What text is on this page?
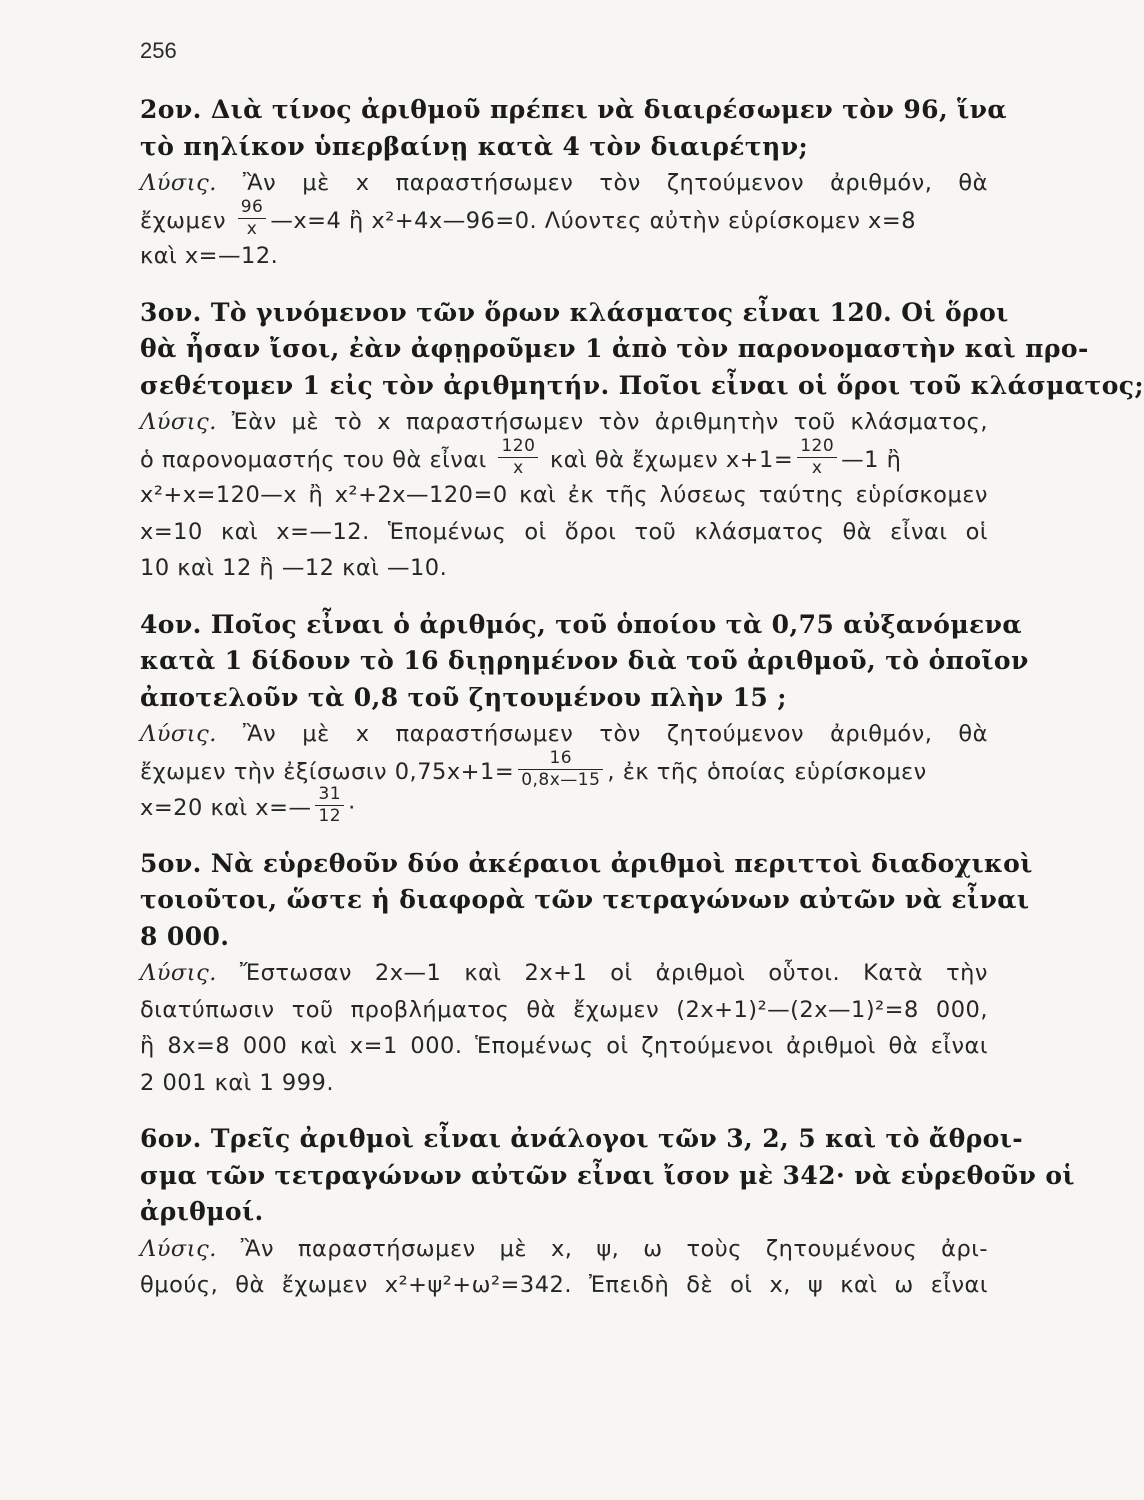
256
2ον. Διὰ τίνος ἀριθμοῦ πρέπει νὰ διαιρέσωμεν τὸν 96, ἵνα
τὸ πηλίκον ὑπερβαίνῃ κατὰ 4 τὸν διαιρέτην;
Λύσις. Ἂν μὲ x παραστήσωμεν τὸν ζητούμενον ἀριθμόν, θὰ
ἔχωμεν $\frac{96}{x}$ —x=4 ἢ x²+4x—96=0. Λύοντες αὐτὴν εὑρίσκομεν x=8
καὶ x=—12.
3ον. Τὸ γινόμενον τῶν ὅρων κλάσματος εἶναι 120. Οἱ ὅροι
θὰ ἦσαν ἴσοι, ἐὰν ἀφῃροῦμεν 1 ἀπὸ τὸν παρονομαστὴν καὶ προ-
σεθέτομεν 1 εἰς τὸν ἀριθμητήν. Ποῖοι εἶναι οἱ ὅροι τοῦ κλάσματος;
Λύσις. Ἐὰν μὲ τὸ x παραστήσωμεν τὸν ἀριθμητὴν τοῦ κλάσματος,
ὁ παρονομαστής του θὰ εἶναι $\frac{120}{x}$ καὶ θὰ ἔχωμεν $x+1= \frac{120}{x}$ —1 ἢ
x²+x=120—x ἢ x²+2x—120=0 καὶ ἐκ τῆς λύσεως ταύτης εὑρίσκομεν
x=10 καὶ x=—12. Ἑπομένως οἱ ὅροι τοῦ κλάσματος θὰ εἶναι οἱ
10 καὶ 12 ἢ —12 καὶ —10.
4ον. Ποῖος εἶναι ὁ ἀριθμός, τοῦ ὁποίου τὰ 0,75 αὐξανόμενα
κατὰ 1 δίδουν τὸ 16 διῃρημένον διὰ τοῦ ἀριθμοῦ, τὸ ὁποῖον
ἀποτελοῦν τὰ 0,8 τοῦ ζητουμένου πλὴν 15 ;
Λύσις. Ἂν μὲ x παραστήσωμεν τὸν ζητούμενον ἀριθμόν, θὰ
ἔχωμεν τὴν ἐξίσωσιν $0,75x+1= \frac{16}{0,8x—15}$ , ἐκ τῆς ὁποίας εὑρίσκομεν
x=20 καὶ x=— $\frac{31}{12}$ ·
5ον. Νὰ εὑρεθοῦν δύο ἀκέραιοι ἀριθμοὶ περιττοὶ διαδοχικοὶ
τοιοῦτοι, ὥστε ἡ διαφορὰ τῶν τετραγώνων αὐτῶν νὰ εἶναι
8 000.
Λύσις. Ἔστωσαν 2x—1 καὶ 2x+1 οἱ ἀριθμοὶ οὗτοι. Κατὰ τὴν
διατύπωσιν τοῦ προβλήματος θὰ ἔχωμεν (2x+1)²—(2x—1)²=8 000,
ἢ 8x=8 000 καὶ x=1 000. Ἑπομένως οἱ ζητούμενοι ἀριθμοὶ θὰ εἶναι
2 001 καὶ 1 999.
6ον. Τρεῖς ἀριθμοὶ εἶναι ἀνάλογοι τῶν 3, 2, 5 καὶ τὸ ἄθροι-
σμα τῶν τετραγώνων αὐτῶν εἶναι ἴσον μὲ 342· νὰ εὑρεθοῦν οἱ
ἀριθμοί.
Λύσις. Ἂν παραστήσωμεν μὲ x, ψ, ω τοὺς ζητουμένους ἀρι-
θμούς, θὰ ἔχωμεν x²+ψ²+ω²=342. Ἐπειδὴ δὲ οἱ x, ψ καὶ ω εἶναι
